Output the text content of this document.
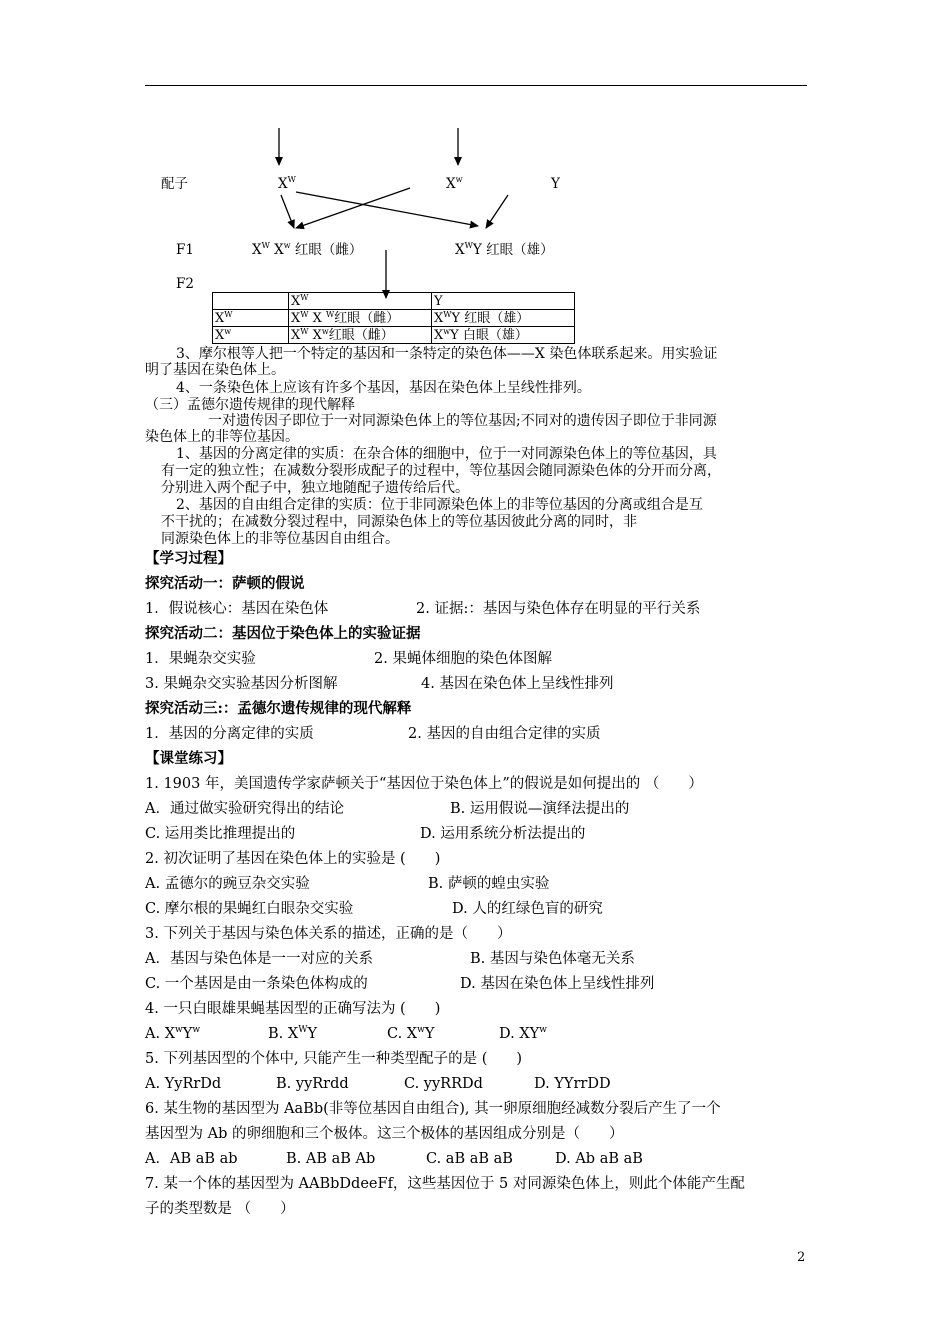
配子	$X^W$	$X^w$	Y
F1	$X^W$ $X^w$ 红眼（雌）	$X^WY$ 红眼（雄）
F2
	$X^W$	Y
$X^W$	$X^W$ X $^W$红眼（雌）	$X^WY$ 红眼（雄）
$X^w$	$X^W$ $X^w$红眼（雌）	$X^wY$ 白眼（雄）
3、摩尔根等人把一个特定的基因和一条特定的染色体——X 染色体联系起来。用实验证
明了基因在染色体上。
4、一条染色体上应该有许多个基因，基因在染色体上呈线性排列。
（三）孟德尔遗传规律的现代解释
一对遗传因子即位于一对同源染色体上的等位基因;不同对的遗传因子即位于非同源
染色体上的非等位基因。
1、基因的分离定律的实质：在杂合体的细胞中，位于一对同源染色体上的等位基因，具
有一定的独立性；在减数分裂形成配子的过程中，等位基因会随同源染色体的分开而分离，
分别进入两个配子中，独立地随配子遗传给后代。
2、基因的自由组合定律的实质：位于非同源染色体上的非等位基因的分离或组合是互
不干扰的；在减数分裂过程中，同源染色体上的等位基因彼此分离的同时，非
同源染色体上的非等位基因自由组合。
【学习过程】
探究活动一：萨顿的假说
1．假说核心：基因在染色体	2. 证据:：基因与染色体存在明显的平行关系
探究活动二：基因位于染色体上的实验证据
1．果蝇杂交实验	2. 果蝇体细胞的染色体图解
3. 果蝇杂交实验基因分析图解	4. 基因在染色体上呈线性排列
探究活动三:：孟德尔遗传规律的现代解释
1．基因的分离定律的实质	2. 基因的自由组合定律的实质
【课堂练习】
1. 1903 年，美国遗传学家萨顿关于“基因位于染色体上”的假说是如何提出的 （　　）
A．通过做实验研究得出的结论	B. 运用假说—演绎法提出的
C. 运用类比推理提出的	D. 运用系统分析法提出的
2. 初次证明了基因在染色体上的实验是 (　　)
A. 孟德尔的豌豆杂交实验	B. 萨顿的蝗虫实验
C. 摩尔根的果蝇红白眼杂交实验	D. 人的红绿色盲的研究
3. 下列关于基因与染色体关系的描述，正确的是（　　）
A．基因与染色体是一一对应的关系	B. 基因与染色体毫无关系
C. 一个基因是由一条染色体构成的	D. 基因在染色体上呈线性排列
4. 一只白眼雄果蝇基因型的正确写法为 (　　)
A. $X^wY^w$	B. $X^WY$	C. $X^wY$	D. $XY^w$
5. 下列基因型的个体中, 只能产生一种类型配子的是 (　　)
A. YyRrDd	B. yyRrdd	C. yyRRDd	D. YYrrDD
6. 某生物的基因型为 AaBb(非等位基因自由组合), 其一卵原细胞经减数分裂后产生了一个
基因型为 Ab 的卵细胞和三个极体。这三个极体的基因组成分别是（　　）
A．AB aB ab	B. AB aB Ab	C. aB aB aB	D. Ab aB aB
7. 某一个体的基因型为 AABbDdeeFf，这些基因位于 5 对同源染色体上，则此个体能产生配
子的类型数是 （　　）
2
